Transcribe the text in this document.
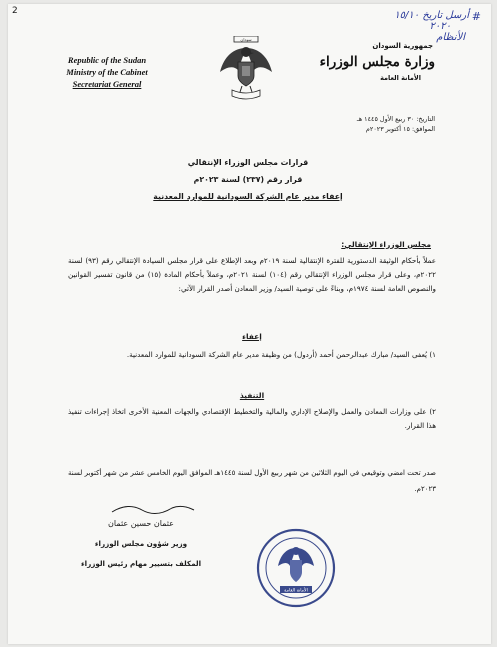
2	أرسل تاريخ ١٥/١٠
٢٠٢٠
الأنظام
#
Republic of the Sudan
Ministry of the Cabinet
Secretariat General
سودان
جمهورية السودان
وزارة مجلس الوزراء
الأمانة العامة
التاريخ: ٣٠ ربيع الأول ١٤٤٥ هـ
الموافق: ١٥ أكتوبر ٢٠٢٣م
قرارات مجلس الوزراء الإنتقالي
قرار رقم (٢٣٧) لسنة ٢٠٢٣م
إعفاء مدير عام الشركة السودانية للموارد المعدنية
مجلس الوزراء الإنتقالي:
عملاً بأحكام الوثيقة الدستورية للفترة الإنتقالية لسنة ٢٠١٩م وبعد الإطلاع على قرار مجلس السيادة الإنتقالي رقم (٩٣) لسنة ٢٠٢٢م، وعلى قرار مجلس الوزراء الإنتقالي رقم (١٠٤) لسنة ٢٠٢١م، وعملاً بأحكام المادة (١٥) من قانون تفسير القوانين والنصوص العامة لسنة ١٩٧٤م، وبناءً على توصية السيد/ وزير المعادن أصدر القرار الآتي:
إعفاء
١) يُعفى السيد/ مبارك عبدالرحمن أحمد (أردول) من وظيفة مدير عام الشركة السودانية للموارد المعدنية.
التنفيذ
٢) على وزارات المعادن والعمل والإصلاح الإداري والمالية والتخطيط الإقتصادي والجهات المعنية الأخرى اتخاذ إجراءات تنفيذ هذا القرار.
صدر تحت امضي وتوقيعي في اليوم الثلاثين من شهر ربيع الأول لسنة ١٤٤٥هـ الموافق اليوم الخامس عشر من شهر أكتوبر لسنة ٢٠٢٣م.
عثمان حسين عثمان
وزير شؤون مجلس الوزراء
المكلف بتسيير مهام رئيس الوزراء
الأمانة العامة
